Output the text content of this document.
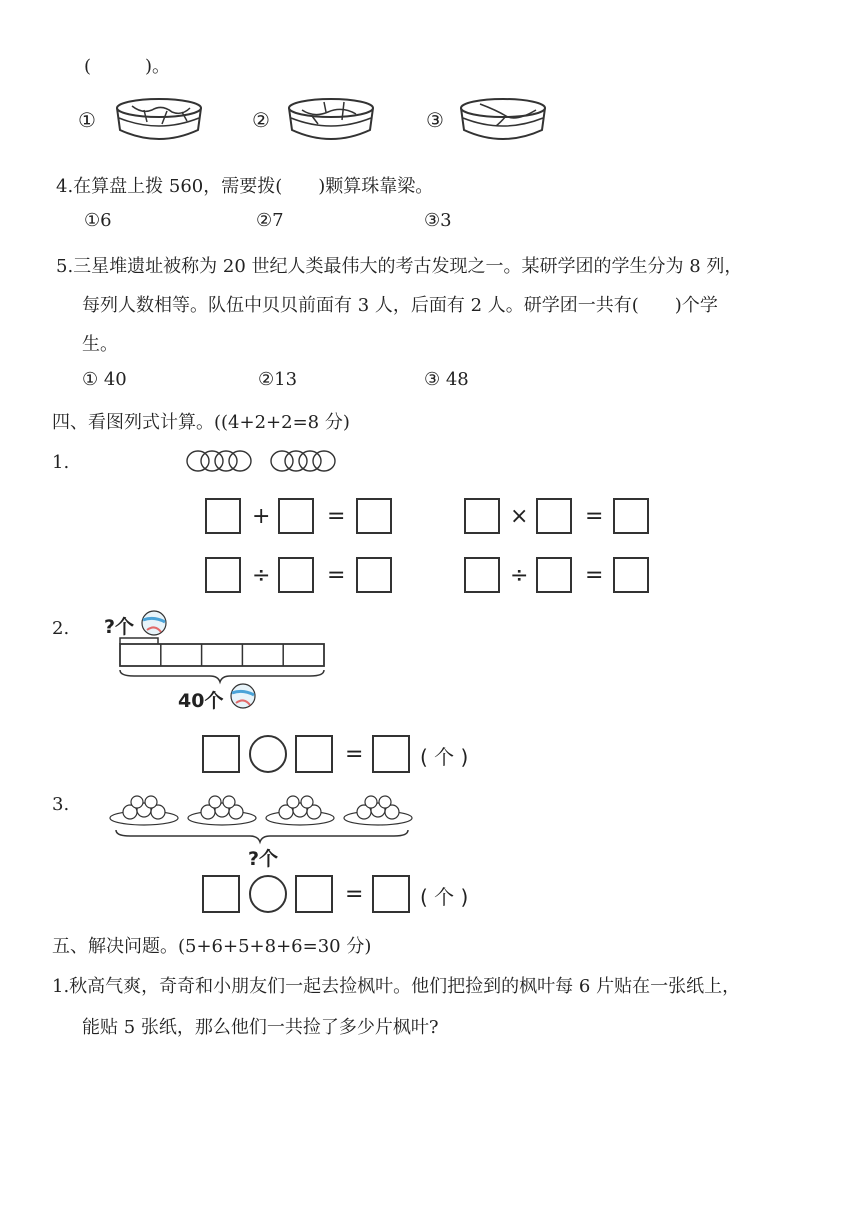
(　　　)。
①	②	③
4.在算盘上拨 560，需要拨(　　)颗算珠靠梁。
①6	②7	③3
5.三星堆遗址被称为 20 世纪人类最伟大的考古发现之一。某研学团的学生分为 8 列，
每列人数相等。队伍中贝贝前面有 3 人，后面有 2 人。研学团一共有(　　)个学
生。
① 40	②13	③ 48
四、看图列式计算。((4+2+2=8 分)
1.
+	=	×	=
÷	=	÷	=
2. ?个
40个
=	( 个 )
3.
?个
=	( 个 )
五、解决问题。(5+6+5+8+6=30 分)
1.秋高气爽，奇奇和小朋友们一起去捡枫叶。他们把捡到的枫叶每 6 片贴在一张纸上，
能贴 5 张纸，那么他们一共捡了多少片枫叶?
